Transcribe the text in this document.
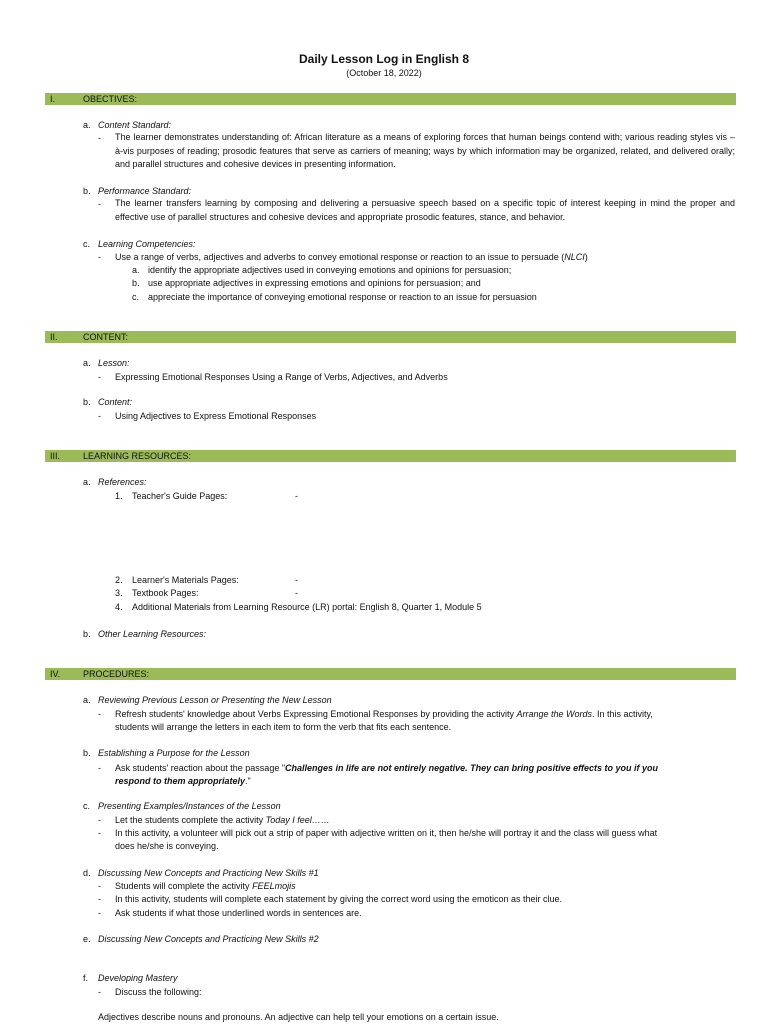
Daily Lesson Log in English 8
(October 18, 2022)
I.	OBECTIVES:
a. Content Standard:
- The learner demonstrates understanding of: African literature as a means of exploring forces that human beings contend with; various reading styles vis – à-vis purposes of reading; prosodic features that serve as carriers of meaning; ways by which information may be organized, related, and delivered orally; and parallel structures and cohesive devices in presenting information.
b. Performance Standard:
- The learner transfers learning by composing and delivering a persuasive speech based on a specific topic of interest keeping in mind the proper and effective use of parallel structures and cohesive devices and appropriate prosodic features, stance, and behavior.
c. Learning Competencies:
- Use a range of verbs, adjectives and adverbs to convey emotional response or reaction to an issue to persuade (NLCI)
a. identify the appropriate adjectives used in conveying emotions and opinions for persuasion;
b. use appropriate adjectives in expressing emotions and opinions for persuasion; and
c. appreciate the importance of conveying emotional response or reaction to an issue for persuasion
II.	CONTENT:
a. Lesson:
- Expressing Emotional Responses Using a Range of Verbs, Adjectives, and Adverbs
b. Content:
- Using Adjectives to Express Emotional Responses
III.	LEARNING RESOURCES:
a. References:
1. Teacher's Guide Pages:	-
2. Learner's Materials Pages:	-
3. Textbook Pages:	-
4. Additional Materials from Learning Resource (LR) portal: English 8, Quarter 1, Module 5
b. Other Learning Resources:
IV.	PROCEDURES:
a. Reviewing Previous Lesson or Presenting the New Lesson
- Refresh students' knowledge about Verbs Expressing Emotional Responses by providing the activity Arrange the Words. In this activity,
students will arrange the letters in each item to form the verb that fits each sentence.
b. Establishing a Purpose for the Lesson
- Ask students' reaction about the passage "Challenges in life are not entirely negative. They can bring positive effects to you if you
respond to them appropriately."
c. Presenting Examples/Instances of the Lesson
- Let the students complete the activity Today I feel……
- In this activity, a volunteer will pick out a strip of paper with adjective written on it, then he/she will portray it and the class will guess what
does he/she is conveying.
d. Discussing New Concepts and Practicing New Skills #1
- Students will complete the activity FEELmojis
- In this activity, students will complete each statement by giving the correct word using the emoticon as their clue.
- Ask students if what those underlined words in sentences are.
e. Discussing New Concepts and Practicing New Skills #2
f. Developing Mastery
- Discuss the following:
Adjectives describe nouns and pronouns. An adjective can help tell your emotions on a certain issue.
